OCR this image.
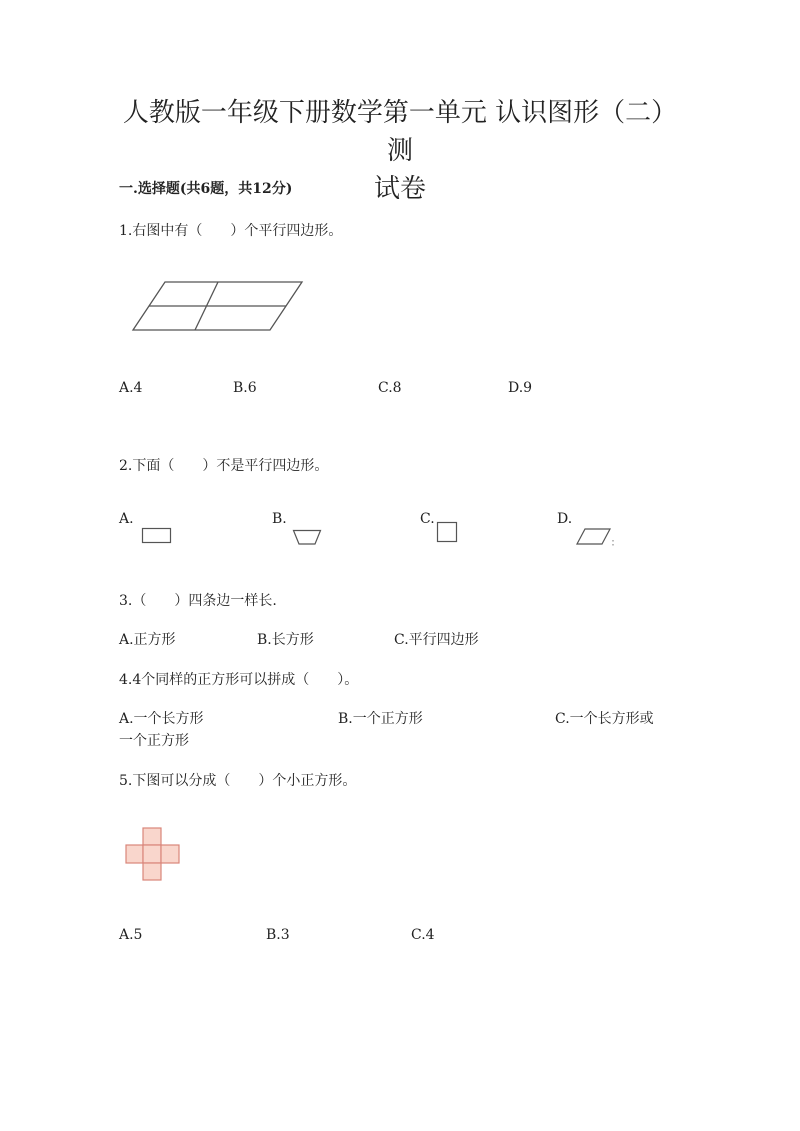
人教版一年级下册数学第一单元 认识图形（二）测
试卷
一.选择题(共6题，共12分)
1.右图中有（　　）个平行四边形。
A.4	B.6	C.8	D.9
2.下面（　　）不是平行四边形。
A.	B.	C.	D.
3.（　　）四条边一样长.
A.正方形	B.长方形	C.平行四边形
4.4个同样的正方形可以拼成（　　）。
A.一个长方形	B.一个正方形	C.一个长方形或
一个正方形
5.下图可以分成（　　）个小正方形。
A.5	B.3	C.4
